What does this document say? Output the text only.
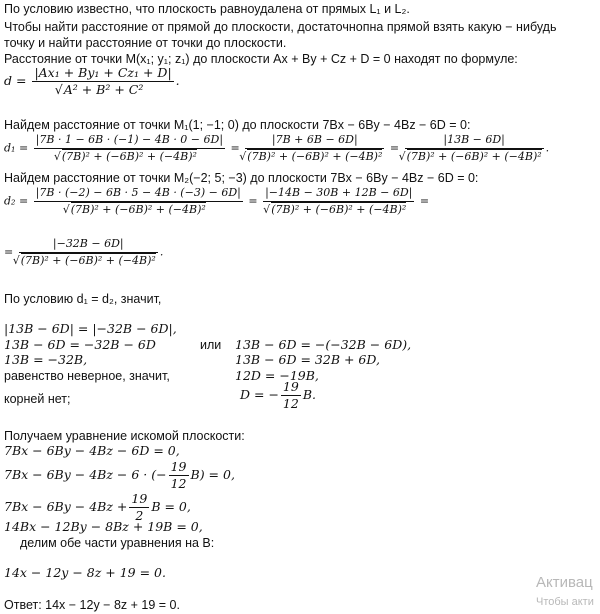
По условию известно, что плоскость равноудалена от прямых L₁ и L₂.
Чтобы найти расстояние от прямой до плоскости, достаточнопна прямой взять какую − нибудь
точку и найти расстояние от точки до плоскости.
Расстояние от точки M(x₁; y₁; z₁) до плоскости Ax + By + Cz + D = 0 находят по формуле:
d = |Ax₁ + By₁ + Cz₁ + D|
√ A² + B² + C² .
Найдем расстояние от точки M₁(1; −1; 0) до плоскости 7Bx − 6By − 4Bz − 6D = 0:
d₁ = |7B · 1 − 6B · (−1) − 4B · 0 − 6D|
√ (7B)² + (−6B)² + (−4B)² = |7B + 6B − 6D|
√ (7B)² + (−6B)² + (−4B)² = |13B − 6D|
√ (7B)² + (−6B)² + (−4B)² .
Найдем расстояние от точки M₂(−2; 5; −3) до плоскости 7Bx − 6By − 4Bz − 6D = 0:
d₂ = |7B · (−2) − 6B · 5 − 4B · (−3) − 6D|
√ (7B)² + (−6B)² + (−4B)² = |−14B − 30B + 12B − 6D|
√ (7B)² + (−6B)² + (−4B)² =
= |−32B − 6D|
√ (7B)² + (−6B)² + (−4B)² .
По условию d₁ = d₂, значит,
|13B − 6D| = |−32B − 6D|,
13B − 6D = −32B − 6D
13B = −32B,
равенство неверное, значит,
корней нет;
или 13B − 6D = −(−32B − 6D),
13B − 6D = 32B + 6D,
12D = −19B,
D = − $\frac{19}{12} B$.
Получаем уравнение искомой плоскости:
7Bx − 6By − 4Bz − 6D = 0,
7Bx − 6By − 4Bz − 6 · (− $\frac{19}{12} B) = 0$,
$7Bx - 6By - 4Bz + \frac{19}{2}$ B = 0,
14Bx − 12By − 8Bz + 19B = 0,
делим обе части уравнения на B:
14x − 12y − 8z + 19 = 0.
Ответ: 14x − 12y − 8z + 19 = 0.
Активац
Чтобы акти
